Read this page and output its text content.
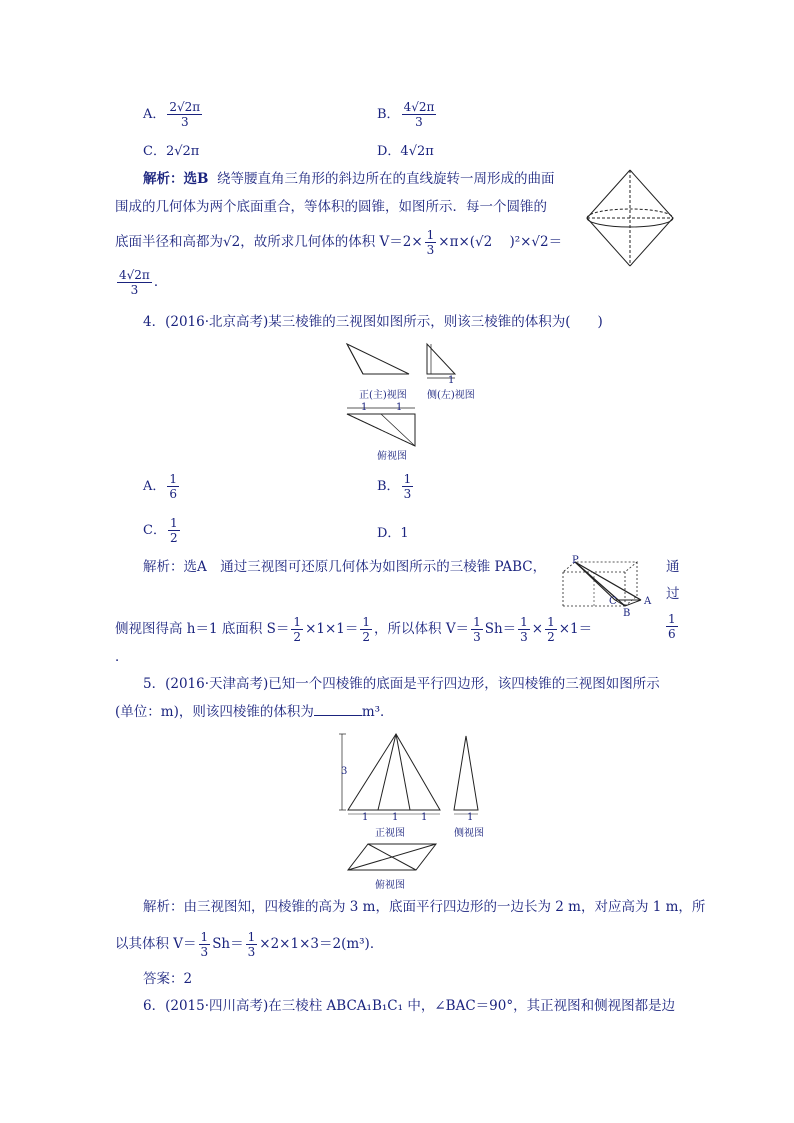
A． $\frac{2√2\pi}{3}$	B． $\frac{4√2\pi}{3}$
C．2√2π	D．4√2π
解析：选B 绕等腰直角三角形的斜边所在的直线旋转一周形成的曲面
围成的几何体为两个底面重合，等体积的圆锥，如图所示．每一个圆锥的
底面半径和高都为√2，故所求几何体的体积 $V=2\times \frac{1}{3} \times\pi\times(√2$ )²×√2＝
$\frac{4√2\pi}{3}$ ．
4．(2016·北京高考)某三棱锥的三视图如图所示，则该三棱锥的体积为(　　)
正(主)视图 侧(左)视图
俯视图
1
1	1
A． $\frac{1}{6}$	B． $\frac{1}{3}$
C． $\frac{1}{2}$	D．1
解析：选A　通过三视图可还原几何体为如图所示的三棱锥 PABC，	通
过
P
C	A
B
侧视图得高 h＝1 底面积 $S= \frac{1}{2} \times 1\times 1= \frac{1}{2}$ ，所以体积 $V= \frac{1}{3} Sh= \frac{1}{3} \times \frac{1}{2} \times 1=$	$\frac{1}{6}$
．
5．(2016·天津高考)已知一个四棱锥的底面是平行四边形，该四棱锥的三视图如图所示
(单位：m)，则该四棱锥的体积为	m³．
3
1 1 1	1
正视图	侧视图
俯视图
解析：由三视图知，四棱锥的高为 3 m，底面平行四边形的一边长为 2 m，对应高为 1 m，所
以其体积 $V= \frac{1}{3} Sh= \frac{1}{3} \times 2\times 1\times 3=2(m^3)$．
答案：2
6．(2015·四川高考)在三棱柱 ABCA₁B₁C₁ 中，∠BAC＝90°，其正视图和侧视图都是边
